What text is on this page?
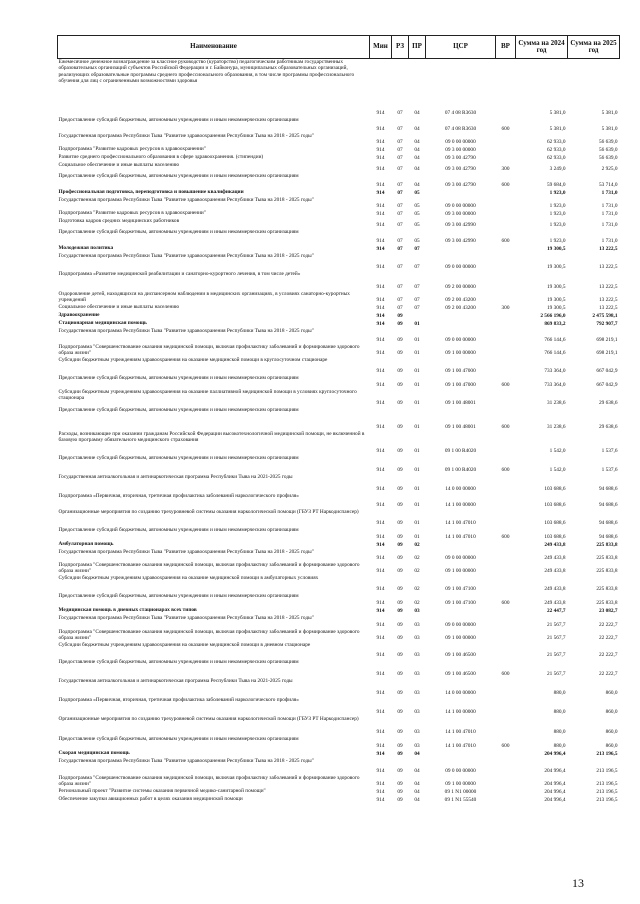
Наименование	Мин	РЗ	ПР	ЦСР	ВР	Сумма на 2024 год	Сумма на 2025 год
Ежемесячное денежное вознаграждение за классное руководство (кураторство) педагогическим работникам государственных образовательных организаций субъектов Российской Федерации и г. Байконура, муниципальных образовательных организаций, реализующих образовательные программы среднего профессионального образования, в том числе программы профессионального обучения для лиц с ограниченными возможностями здоровья	914	07	04	07 4 08 R3630		5 381,0	5 381,0
Предоставление субсидий бюджетным, автономным учреждениям и иным некоммерческим организациям	914	07	04	07 4 08 R3630	600	5 381,0	5 381,0
Государственная программа Республики Тыва "Развитие здравоохранения Республики Тыва на 2018 - 2025 годы"	914	07	04	09 0 00 00000		62 933,0	56 639,0
Подпрограмма "Развитие кадровых ресурсов в здравоохранении"	914	07	04	09 3 00 00000		62 933,0	56 639,0
Развитие среднего профессионального образования в сфере здравоохранения. (стипендии)	914	07	04	09 3 00 42790		62 933,0	56 639,0
Социальное обеспечение и иные выплаты населению	914	07	04	09 3 00 42790	300	3 249,0	2 925,0
Предоставление субсидий бюджетным, автономным учреждениям и иным некоммерческим организациям	914	07	04	09 3 00 42790	600	59 684,0	53 714,0
Профессиональная подготовка, переподготовка и повышение квалификации	914	07	05			1 923,0	1 731,0
Государственная программа Республики Тыва "Развитие здравоохранения Республики Тыва на 2018 - 2025 годы"	914	07	05	09 0 00 00000		1 923,0	1 731,0
Подпрограмма "Развитие кадровых ресурсов в здравоохранении"	914	07	05	09 3 00 00000		1 923,0	1 731,0
Подготовка кадров средних медицинских работников	914	07	05	09 3 00 42990		1 923,0	1 731,0
Предоставление субсидий бюджетным, автономным учреждениям и иным некоммерческим организациям	914	07	05	09 3 00 42990	600	1 923,0	1 731,0
Молодежная политика	914	07	07			19 300,5	13 222,5
Государственная программа Республики Тыва "Развитие здравоохранения Республики Тыва на 2018 - 2025 годы"	914	07	07	09 0 00 00000		19 300,5	13 222,5
Подпрограмма «Развитие медицинской реабилитации и санаторно-курортного лечения, в том числе детей»	914	07	07	09 2 00 00000		19 300,5	13 222,5
Оздоровление детей, находящихся на диспансерном наблюдении в медицинских организациях, в условиях санаторно-курортных учреждений	914	07	07	09 2 00 43200		19 300,5	13 222,5
Социальное обеспечение и иные выплаты населению	914	07	07	09 2 00 43200	300	19 300,5	13 222,5
Здравоохранение	914	09				2 566 196,0	2 475 598,1
Стационарная медицинская помощь	914	09	01			869 833,2	792 907,7
Государственная программа Республики Тыва "Развитие здравоохранения Республики Тыва на 2018 - 2025 годы"	914	09	01	09 0 00 00000		766 144,6	698 219,1
Подпрограмма "Совершенствование оказания медицинской помощи, включая профилактику заболеваний и формирование здорового образа жизни"	914	09	01	09 1 00 00000		766 144,6	698 219,1
Субсидии бюджетным учреждениям здравоохранения на оказание медицинской помощи в круглосуточном стационаре	914	09	01	09 1 00 47000		733 364,0	667 042,9
Предоставление субсидий бюджетным, автономным учреждениям и иным некоммерческим организациям	914	09	01	09 1 00 47000	600	733 364,0	667 042,9
Субсидии бюджетным учреждениям здравоохранения на оказание паллиативной медицинской помощи в условиях круглосуточного стационара	914	09	01	09 1 00 48001		31 238,6	29 638,6
Предоставление субсидий бюджетным, автономным учреждениям и иным некоммерческим организациям	914	09	01	09 1 00 48001	600	31 238,6	29 638,6
Расходы, возникающие при оказании гражданам Российской Федерации высокотехнологичной медицинской помощи, не включенной в базовую программу обязательного медицинского страхования	914	09	01	09 1 00 R4020		1 542,0	1 537,6
Предоставление субсидий бюджетным, автономным учреждениям и иным некоммерческим организациям	914	09	01	09 1 00 R4020	600	1 542,0	1 537,6
Государственная антиалкогольная и антинаркотическая программа Республики Тыва на 2021-2025 годы	914	09	01	14 0 00 00000		103 688,6	94 688,6
Подпрограмма «Первичная, вторичная, третичная профилактика заболеваний наркологического профиля»	914	09	01	14 1 00 00000		103 688,6	94 688,6
Организационные мероприятия по созданию трехуровневой системы оказания наркологической помощи (ГБУЗ РТ Наркодиспансер)	914	09	01	14 1 00 47010		103 688,6	94 688,6
Предоставление субсидий бюджетным, автономным учреждениям и иным некоммерческим организациям	914	09	01	14 1 00 47010	600	103 688,6	94 688,6
Амбулаторная помощь	914	09	02			249 433,8	225 833,8
Государственная программа Республики Тыва "Развитие здравоохранения Республики Тыва на 2018 - 2025 годы"	914	09	02	09 0 00 00000		249 433,8	225 833,8
Подпрограмма "Совершенствование оказания медицинской помощи, включая профилактику заболеваний и формирование здорового образа жизни"	914	09	02	09 1 00 00000		249 433,8	225 833,8
Субсидии бюджетным учреждениям здравоохранения на оказание медицинской помощи в амбулаторных условиях	914	09	02	09 1 00 47100		249 433,8	225 833,8
Предоставление субсидий бюджетным, автономным учреждениям и иным некоммерческим организациям	914	09	02	09 1 00 47100	600	249 433,8	225 833,8
Медицинская помощь в дневных стационарах всех типов	914	09	03			22 447,7	23 082,7
Государственная программа Республики Тыва "Развитие здравоохранения Республики Тыва на 2018 - 2025 годы"	914	09	03	09 0 00 00000		21 567,7	22 222,7
Подпрограмма "Совершенствование оказания медицинской помощи, включая профилактику заболеваний и формирование здорового образа жизни"	914	09	03	09 1 00 00000		21 567,7	22 222,7
Субсидии бюджетным учреждениям здравоохранения на оказание медицинской помощи в дневном стационаре	914	09	03	09 1 00 46500		21 567,7	22 222,7
Предоставление субсидий бюджетным, автономным учреждениям и иным некоммерческим организациям	914	09	03	09 1 00 46500	600	21 567,7	22 222,7
Государственная антиалкогольная и антинаркотическая программа Республики Тыва на 2021-2025 годы	914	09	03	14 0 00 00000		880,0	860,0
Подпрограмма «Первичная, вторичная, третичная профилактика заболеваний наркологического профиля»	914	09	03	14 1 00 00000		880,0	860,0
Организационные мероприятия по созданию трехуровневой системы оказания наркологической помощи (ГБУЗ РТ Наркодиспансер)	914	09	03	14 1 00 47010		880,0	860,0
Предоставление субсидий бюджетным, автономным учреждениям и иным некоммерческим организациям	914	09	03	14 1 00 47010	600	880,0	860,0
Скорая медицинская помощь	914	09	04			204 996,4	213 196,5
Государственная программа Республики Тыва "Развитие здравоохранения Республики Тыва на 2018 - 2025 годы"	914	09	04	09 0 00 00000		204 996,4	213 196,5
Подпрограмма "Совершенствование оказания медицинской помощи, включая профилактику заболеваний и формирование здорового образа жизни"	914	09	04	09 1 00 00000		204 996,4	213 196,5
Региональный проект "Развитие системы оказания первичной медико-санитарной помощи"	914	09	04	09 1 N1 00000		204 996,4	213 196,5
Обеспечение закупки авиационных работ в целях оказания медицинской помощи	914	09	04	09 1 N1 55540		204 996,4	213 196,5
13
